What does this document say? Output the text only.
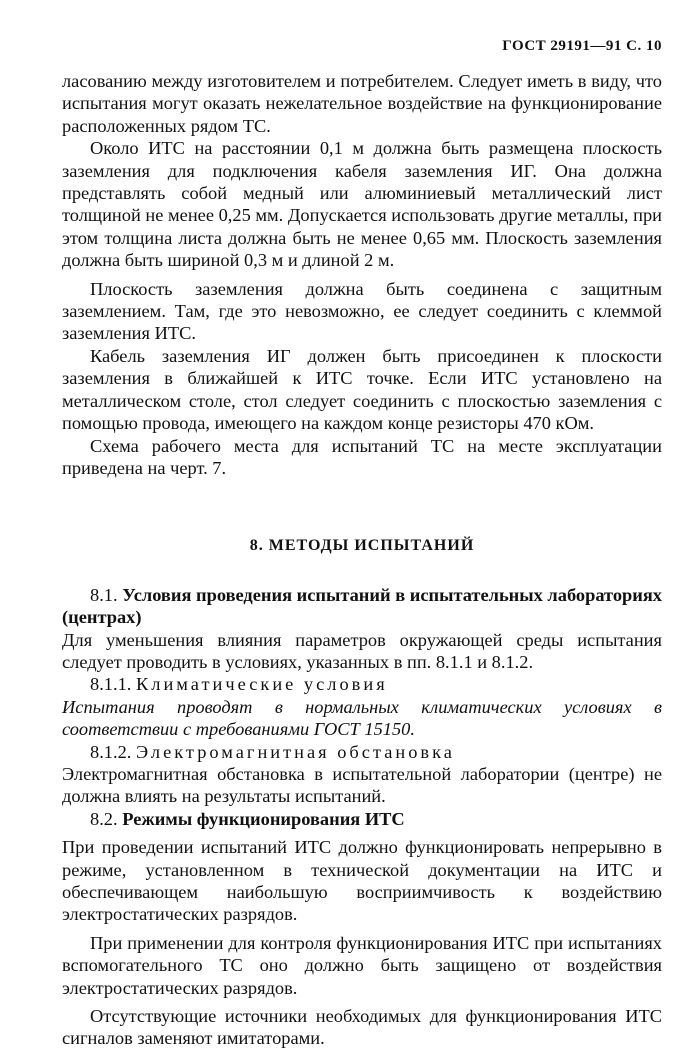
ГОСТ 29191—91 С. 10

ласованию между изготовителем и потребителем. Следует иметь в виду, что испытания могут оказать нежелательное воздействие на функционирование расположенных рядом ТС.

Около ИТС на расстоянии 0,1 м должна быть размещена плоскость заземления для подключения кабеля заземления ИГ. Она должна представлять собой медный или алюминиевый металлический лист толщиной не менее 0,25 мм. Допускается использовать другие металлы, при этом толщина листа должна быть не менее 0,65 мм. Плоскость заземления должна быть шириной 0,3 м и длиной 2 м.

Плоскость заземления должна быть соединена с защитным заземлением. Там, где это невозможно, ее следует соединить с клеммой заземления ИТС.

Кабель заземления ИГ должен быть присоединен к плоскости заземления в ближайшей к ИТС точке. Если ИТС установлено на металлическом столе, стол следует соединить с плоскостью заземления с помощью провода, имеющего на каждом конце резисторы 470 кОм.

Схема рабочего места для испытаний ТС на месте эксплуатации приведена на черт. 7.

8. МЕТОДЫ ИСПЫТАНИЙ

8.1. Условия проведения испытаний в испытательных лабораториях (центрах)

Для уменьшения влияния параметров окружающей среды испытания следует проводить в условиях, указанных в пп. 8.1.1 и 8.1.2.

8.1.1. Климатические условия

Испытания проводят в нормальных климатических условиях в соответствии с требованиями ГОСТ 15150.

8.1.2. Электромагнитная обстановка

Электромагнитная обстановка в испытательной лаборатории (центре) не должна влиять на результаты испытаний.

8.2. Режимы функционирования ИТС

При проведении испытаний ИТС должно функционировать непрерывно в режиме, установленном в технической документации на ИТС и обеспечивающем наибольшую восприимчивость к воздействию электростатических разрядов.

При применении для контроля функционирования ИТС при испытаниях вспомогательного ТС оно должно быть защищено от воздействия электростатических разрядов.

Отсутствующие источники необходимых для функционирования ИТС сигналов заменяют имитаторами.
